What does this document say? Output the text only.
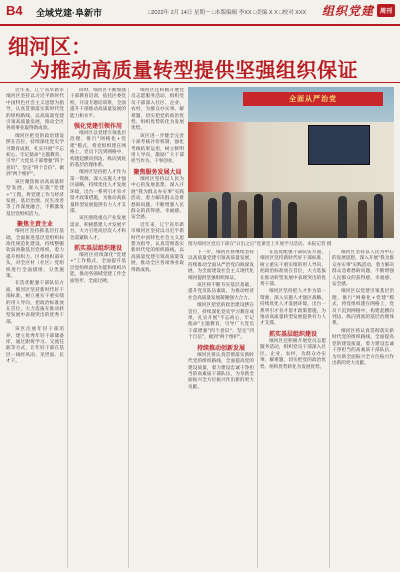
B4 全域党建·阜新市	□2022年 2月 14日 星期一 □本版编辑 李XX □美编 X X □校对 XXX 组织党建 周刊
细河区：
为推动高质量转型提供坚强组织保证

近年来，辽宁省阜新市细河区坚持以习近平新时代中国特色社会主义思想为指导，认真贯彻落实新时代党的组织路线，以高质量党建引领高质量发展，推动全区各项事业取得新成效。

细河区把党的政治建设摆在首位，持续深化党史学习教育成果，扎实开展"不忘初心、牢记使命"主题教育，引导广大党员干部增强"四个意识"、坚定"四个自信"、做到"两个维护"。

该区聚焦推动高质量转型发展，深入实施"党建+"工程，将党建工作与经济发展、基层治理、民生改善等工作深度融合，不断激发基层党组织活力。

聚焦主责主业

细河区坚持抓基层打基础，全面推进基层党组织标准化规范化建设，持续整顿软弱涣散基层党组织，着力提升组织力。区委组织部牵头，对全区村（社区）党组织进行全面摸排，分类施策。

在选优配强干部队伍方面，细河区坚持新时代好干部标准，树立重实干重实绩的用人导向，把政治标准放在首位，大力选拔在推动转型发展中表现突出的优秀干部。

该区注重年轻干部培养，建立优秀年轻干部储备库，通过跟班学习、交流任职等方式，让年轻干部在基层一线经风雨、见世面、长才干。

同时，细河区不断加强干部教育培训，依托区委党校，开设专题培训班，全面提升干部推动高质量发展的能力和水平。

强化党建引领作用

细河区以党建引领基层治理，推行"网格化+党建"模式，将党组织建在网格上，党员下沉到网格中，构建起横向到边、纵向到底的基层治理体系。

细河区坚持把人才作为第一资源，深入实施人才强区战略，持续优化人才发展环境，出台一系列引才育才留才政策措施，为推动高质量转型发展提供有力人才支撑。

该区围绕重点产业发展需求，积极搭建人才发展平台，大力引进高层次人才和急需紧缺人才。

抓实基层组织建设

细河区持续深化"党建+"工作模式，全面提升基层党组织政治功能和组织功能，推动各领域党建工作全面进步、全面过硬。

细河区还积极开展党员志愿服务活动，组织党员干部深入社区、企业、农村，为群众办实事、解难题，切实把党的政治优势、组织优势转化为发展优势。

该区进一步健全完善干部考核评价机制，强化考核结果运用，树立鲜明用人导向，激励广大干部担当作为、干事创业。

聚焦服务发展大局

细河区坚持以人民为中心的发展思想，深入开展"我为群众办实事"实践活动，着力解决群众急难愁盼问题，不断增强人民群众的获得感、幸福感、安全感。

近年来，辽宁省阜新市细河区坚持以习近平新时代中国特色社会主义思想为指导，认真贯彻落实新时代党的组织路线，以高质量党建引领高质量发展，推动全区各项事业取得新成效。

全面从严治党
图为细河区党员干部在"日出之后"党课堂上开展学习活动。本报记者 摄

下一步，细河区将继续坚持以高质量党建引领高质量发展，持续推动全面从严治党向纵深发展，为全面建设社会主义现代化细河提供坚强组织保证。

该区将不断夯实基层基础，提升党员队伍素质，为推动经济社会高质量发展凝聚强大合力。

细河区把党的政治建设摆在首位，持续深化党史学习教育成果，扎实开展"不忘初心、牢记使命"主题教育，引导广大党员干部增强"四个意识"、坚定"四个自信"、做到"两个维护"。

持续推动创新发展

细河区将认真贯彻落实新时代党的组织路线，全面提高党的建设质量，着力建设忠诚干净担当的高素质干部队伍，为阜新全面振兴全方位振兴作出新的更大贡献。

在选优配强干部队伍方面，细河区坚持新时代好干部标准，树立重实干重实绩的用人导向，把政治标准放在首位，大力选拔在推动转型发展中表现突出的优秀干部。

细河区坚持把人才作为第一资源，深入实施人才强区战略，持续优化人才发展环境，出台一系列引才育才留才政策措施，为推动高质量转型发展提供有力人才支撑。

抓实基层组织建设

细河区还积极开展党员志愿服务活动，组织党员干部深入社区、企业、农村，为群众办实事、解难题，切实把党的政治优势、组织优势转化为发展优势。

细河区坚持以人民为中心的发展思想，深入开展"我为群众办实事"实践活动，着力解决群众急难愁盼问题，不断增强人民群众的获得感、幸福感、安全感。

细河区以党建引领基层治理，推行"网格化+党建"模式，将党组织建在网格上，党员下沉到网格中，构建起横向到边、纵向到底的基层治理体系。

细河区将认真贯彻落实新时代党的组织路线，全面提高党的建设质量，着力建设忠诚干净担当的高素质干部队伍，为阜新全面振兴全方位振兴作出新的更大贡献。
